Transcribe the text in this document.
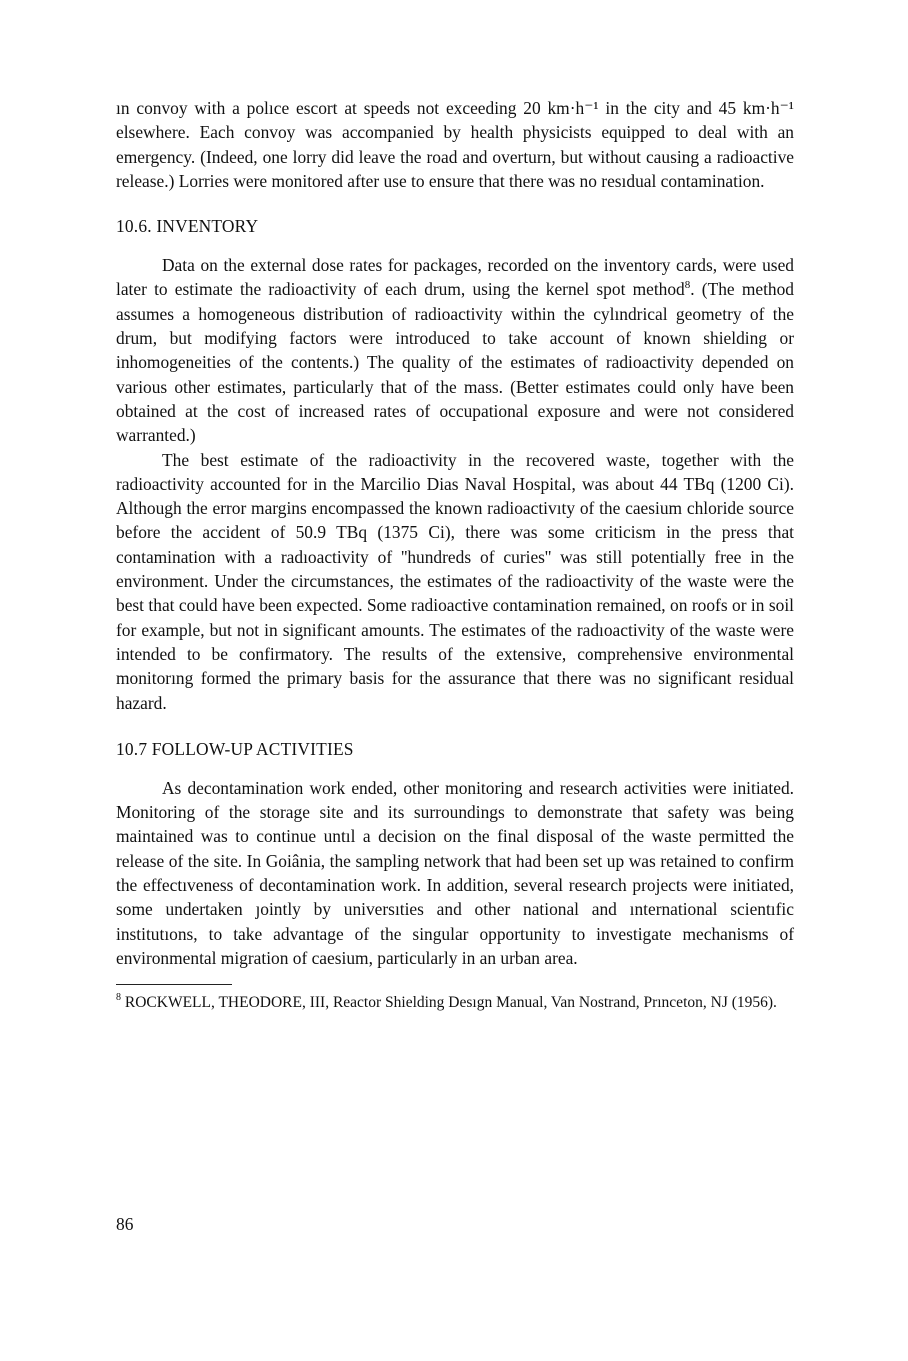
ın convoy with a polıce escort at speeds not exceeding 20 km·h⁻¹ in the city and 45 km·h⁻¹ elsewhere. Each convoy was accompanied by health physicists equipped to deal with an emergency. (Indeed, one lorry did leave the road and overturn, but without causing a radioactive release.) Lorries were monitored after use to ensure that there was no resıdual contamination.

10.6. INVENTORY

Data on the external dose rates for packages, recorded on the inventory cards, were used later to estimate the radioactivity of each drum, using the kernel spot method$^8$. (The method assumes a homogeneous distribution of radioactivity within the cylındrical geometry of the drum, but modifying factors were introduced to take account of known shielding or inhomogeneities of the contents.) The quality of the estimates of radioactivity depended on various other estimates, particularly that of the mass. (Better estimates could only have been obtained at the cost of increased rates of occupational exposure and were not considered warranted.)

The best estimate of the radioactivity in the recovered waste, together with the radioactivity accounted for in the Marcilio Dias Naval Hospital, was about 44 TBq (1200 Ci). Although the error margins encompassed the known radioactivıty of the caesium chloride source before the accident of 50.9 TBq (1375 Ci), there was some criticism in the press that contamination with a radıoactivity of ''hundreds of curies'' was still potentially free in the environment. Under the circumstances, the estimates of the radioactivity of the waste were the best that could have been expected. Some radioactive contamination remained, on roofs or in soil for example, but not in significant amounts. The estimates of the radıoactivity of the waste were intended to be confirmatory. The results of the extensive, comprehensive environmental monitorıng formed the primary basis for the assurance that there was no significant residual hazard.

10.7 FOLLOW-UP ACTIVITIES

As decontamination work ended, other monitoring and research activities were initiated. Monitoring of the storage site and its surroundings to demonstrate that safety was being maintained was to continue untıl a decision on the final disposal of the waste permitted the release of the site. In Goiânia, the sampling network that had been set up was retained to confirm the effectıveness of decontamination work. In addition, several research projects were initiated, some undertaken ȷointly by universıties and other national and ınternational scientıfic institutıons, to take advantage of the singular opportunity to investigate mechanisms of environmental migration of caesium, particularly in an urban area.

$^8$ ROCKWELL, THEODORE, III, Reactor Shielding Desıgn Manual, Van Nostrand, Prınceton, NJ (1956).

86
